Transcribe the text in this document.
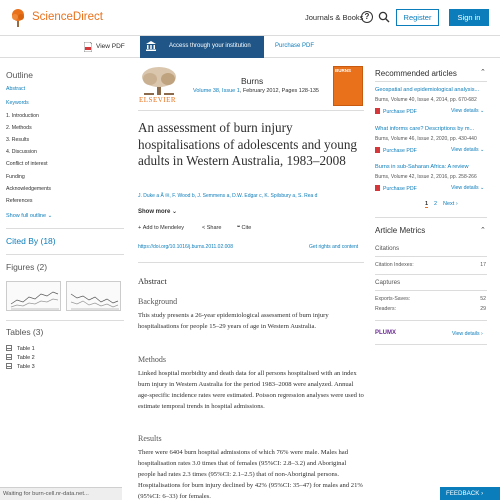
ScienceDirect	Journals & Books ?	Register	Sign in
View PDF	Access through your institution	Purchase PDF
Outline
Abstract
Keywords
1. Introduction
2. Methods
3. Results
4. Discussion
Conflict of interest
Funding
Acknowledgements
References
Show full outline ⌄
Cited By (18)
Figures (2)
Tables (3)
Table 1
Table 2
Table 3
Waiting for burn-cell.nr-data.net...
ELSEVIER
Burns
Volume 38, Issue 1, February 2012, Pages 128-135
BURNS
An assessment of burn injury hospitalisations of adolescents and young adults in Western Australia, 1983–2008
J. Duke a Å ✉, F. Wood b, J. Semmens a, D.W. Edgar c, K. Spilsbury a, S. Rea d
Show more ⌄
+ Add to Mendeley	< Share	❝ Cite
https://doi.org/10.1016/j.burns.2011.02.008	Get rights and content
Abstract
Background
This study presents a 26-year epidemiological assessment of burn injury hospitalisations for people 15–29 years of age in Western Australia.
Methods
Linked hospital morbidity and death data for all persons hospitalised with an index burn injury in Western Australia for the period 1983–2008 were analyzed. Annual age-specific incidence rates were estimated. Poisson regression analyses were used to estimate temporal trends in hospital admissions.
Results
There were 6404 burn hospital admissions of which 76% were male. Males had hospitalisation rates 3.0 times that of females (95%CI: 2.8–3.2) and Aboriginal people had rates 2.3 times (95%CI: 2.1–2.5) that of non-Aboriginal persons. Hospitalisations for burn injury declined by 42% (95%CI: 35–47) for males and 21% (95%CI: 6–33) for females.
Recommended articles	⌃
Geospatial and epidemiological analysis...
Burns, Volume 40, Issue 4, 2014, pp. 670-682
Purchase PDF	View details ⌄
What informs care? Descriptions by m...
Burns, Volume 46, Issue 2, 2020, pp. 430-440
Purchase PDF	View details ⌄
Burns in sub-Saharan Africa: A review
Burns, Volume 42, Issue 2, 2016, pp. 258-266
Purchase PDF	View details ⌄
1 2 Next ›
Article Metrics	⌃
Citations
Citation Indexes:	17
Captures
Exports-Saves:	52
Readers:	29
PLUMX	View details ›
FEEDBACK ›
